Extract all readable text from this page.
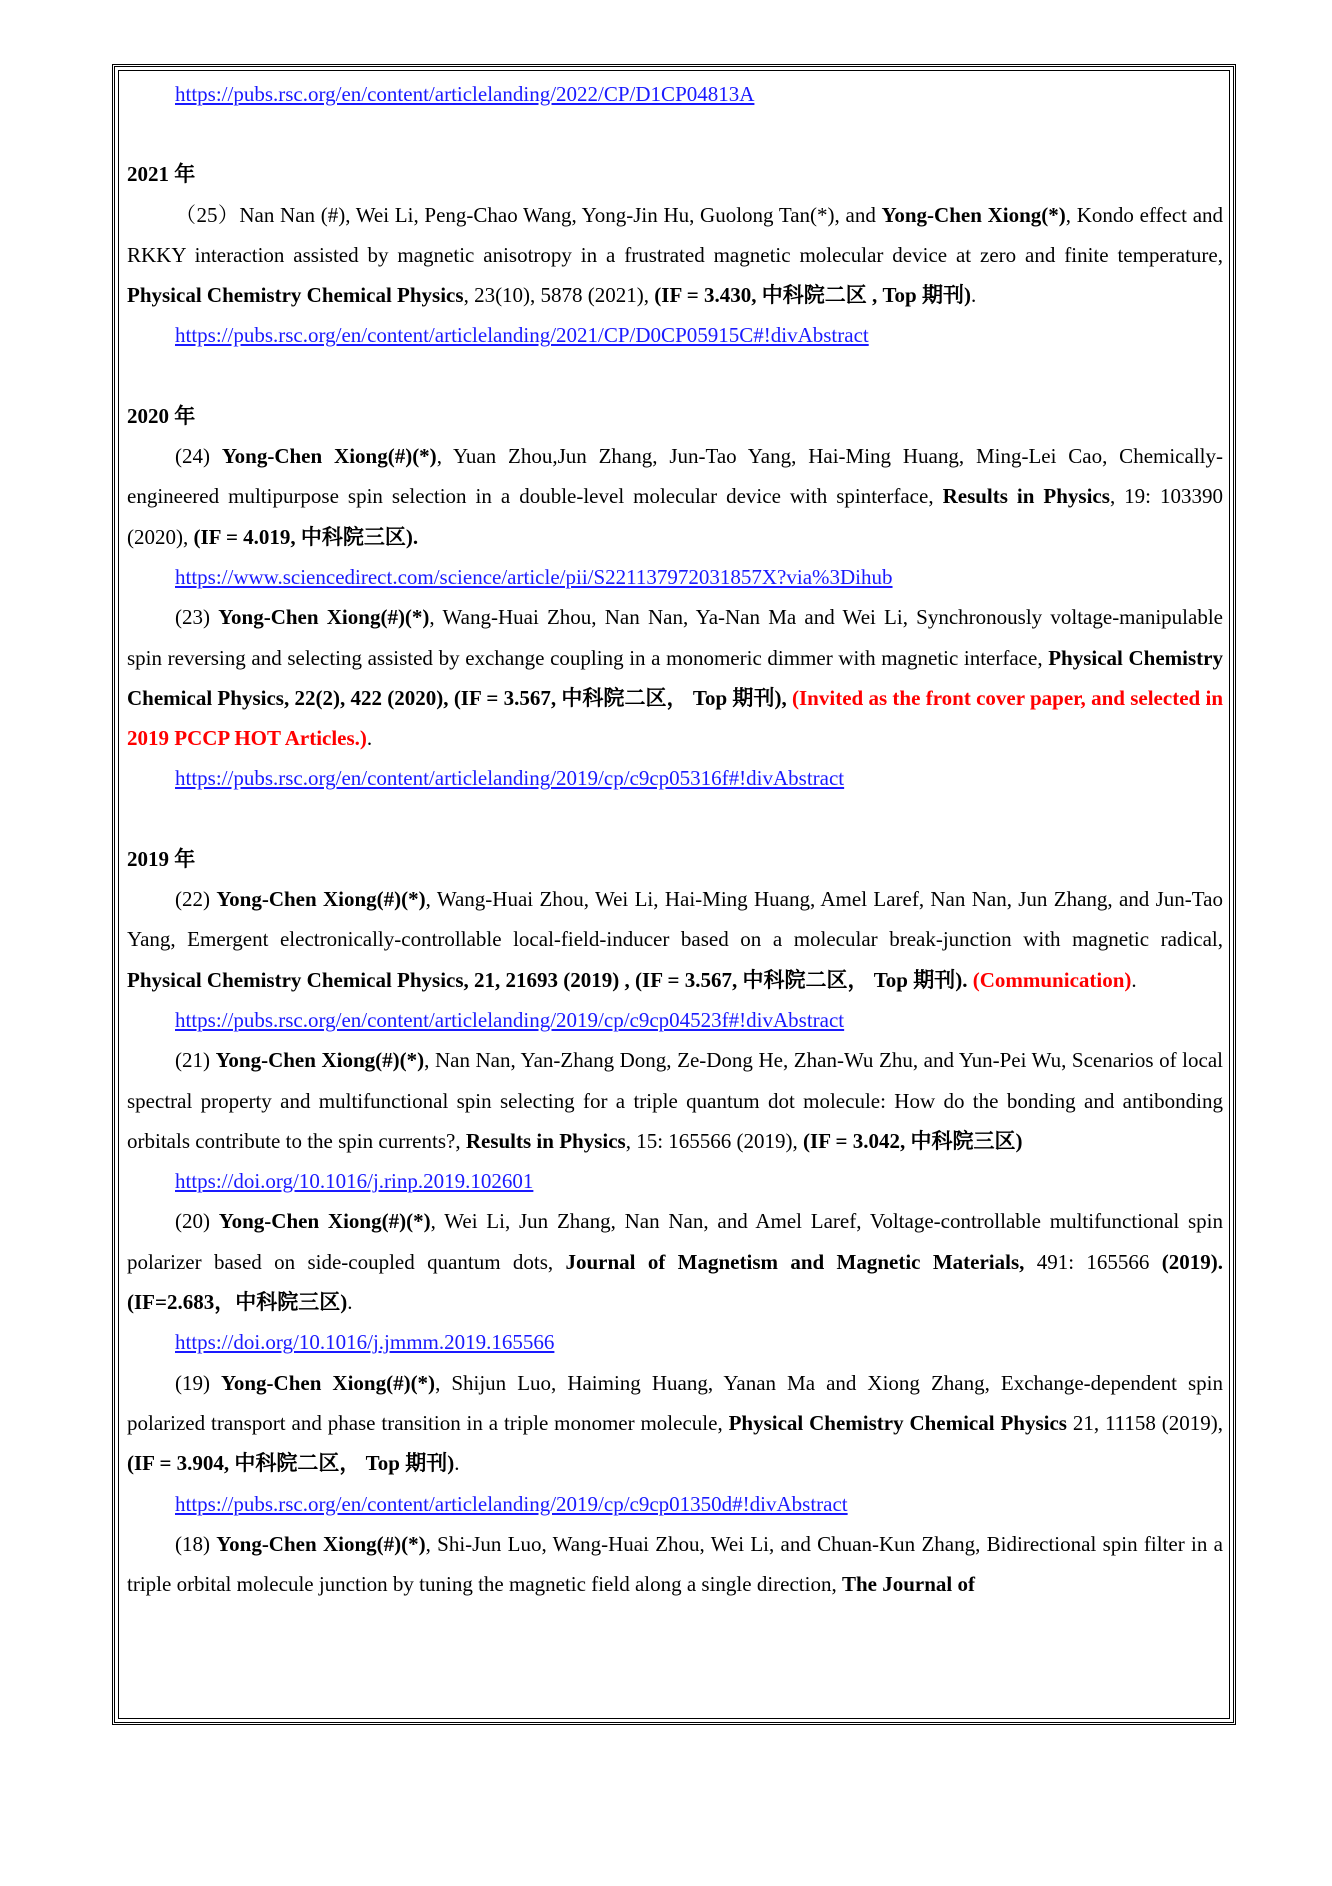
https://pubs.rsc.org/en/content/articlelanding/2022/CP/D1CP04813A

2021 年

（25）Nan Nan (#), Wei Li, Peng-Chao Wang, Yong-Jin Hu, Guolong Tan(*), and Yong-Chen Xiong(*), Kondo effect and RKKY interaction assisted by magnetic anisotropy in a frustrated magnetic molecular device at zero and finite temperature, Physical Chemistry Chemical Physics, 23(10), 5878 (2021), (IF = 3.430, 中科院二区 , Top 期刊).

https://pubs.rsc.org/en/content/articlelanding/2021/CP/D0CP05915C#!divAbstract

2020 年

(24) Yong-Chen Xiong(#)(*), Yuan Zhou,Jun Zhang, Jun-Tao Yang, Hai-Ming Huang, Ming-Lei Cao, Chemically-engineered multipurpose spin selection in a double-level molecular device with spinterface, Results in Physics, 19: 103390 (2020), (IF = 4.019, 中科院三区).

https://www.sciencedirect.com/science/article/pii/S221137972031857X?via%3Dihub

(23) Yong-Chen Xiong(#)(*), Wang-Huai Zhou, Nan Nan, Ya-Nan Ma and Wei Li, Synchronously voltage-manipulable spin reversing and selecting assisted by exchange coupling in a monomeric dimmer with magnetic interface, Physical Chemistry Chemical Physics, 22(2), 422 (2020), (IF = 3.567, 中科院二区， Top 期刊), (Invited as the front cover paper, and selected in 2019 PCCP HOT Articles.).

https://pubs.rsc.org/en/content/articlelanding/2019/cp/c9cp05316f#!divAbstract

2019 年

(22) Yong-Chen Xiong(#)(*), Wang-Huai Zhou, Wei Li, Hai-Ming Huang, Amel Laref, Nan Nan, Jun Zhang, and Jun-Tao Yang, Emergent electronically-controllable local-field-inducer based on a molecular break-junction with magnetic radical, Physical Chemistry Chemical Physics, 21, 21693 (2019) , (IF = 3.567, 中科院二区， Top 期刊). (Communication).

https://pubs.rsc.org/en/content/articlelanding/2019/cp/c9cp04523f#!divAbstract

(21) Yong-Chen Xiong(#)(*), Nan Nan, Yan-Zhang Dong, Ze-Dong He, Zhan-Wu Zhu, and Yun-Pei Wu, Scenarios of local spectral property and multifunctional spin selecting for a triple quantum dot molecule: How do the bonding and antibonding orbitals contribute to the spin currents?, Results in Physics, 15: 165566 (2019), (IF = 3.042, 中科院三区)

https://doi.org/10.1016/j.rinp.2019.102601

(20) Yong-Chen Xiong(#)(*), Wei Li, Jun Zhang, Nan Nan, and Amel Laref, Voltage-controllable multifunctional spin polarizer based on side-coupled quantum dots, Journal of Magnetism and Magnetic Materials, 491: 165566 (2019). (IF=2.683，中科院三区).

https://doi.org/10.1016/j.jmmm.2019.165566

(19) Yong-Chen Xiong(#)(*), Shijun Luo, Haiming Huang, Yanan Ma and Xiong Zhang, Exchange-dependent spin polarized transport and phase transition in a triple monomer molecule, Physical Chemistry Chemical Physics 21, 11158 (2019), (IF = 3.904, 中科院二区， Top 期刊).

https://pubs.rsc.org/en/content/articlelanding/2019/cp/c9cp01350d#!divAbstract

(18) Yong-Chen Xiong(#)(*), Shi-Jun Luo, Wang-Huai Zhou, Wei Li, and Chuan-Kun Zhang, Bidirectional spin filter in a triple orbital molecule junction by tuning the magnetic field along a single direction, The Journal of
